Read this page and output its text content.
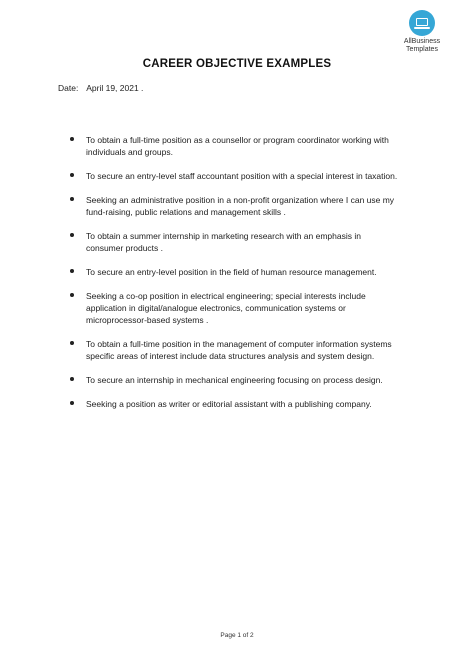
AllBusiness
Templates
CAREER OBJECTIVE EXAMPLES
Date: April 19, 2021 .
To obtain a full-time position as a counsellor or program coordinator working with individuals and groups.
To secure an entry-level staff accountant position with a special interest in taxation.
Seeking an administrative position in a non-profit organization where I can use my fund-raising, public relations and management skills .
To obtain a summer internship in marketing research with an emphasis in consumer products .
To secure an entry-level position in the field of human resource management.
Seeking a co-op position in electrical engineering; special interests include application in digital/analogue electronics, communication systems or microprocessor-based systems .
To obtain a full-time position in the management of computer information systems specific areas of interest include data structures analysis and system design.
To secure an internship in mechanical engineering focusing on process design.
Seeking a position as writer or editorial assistant with a publishing company.
Page 1 of 2
